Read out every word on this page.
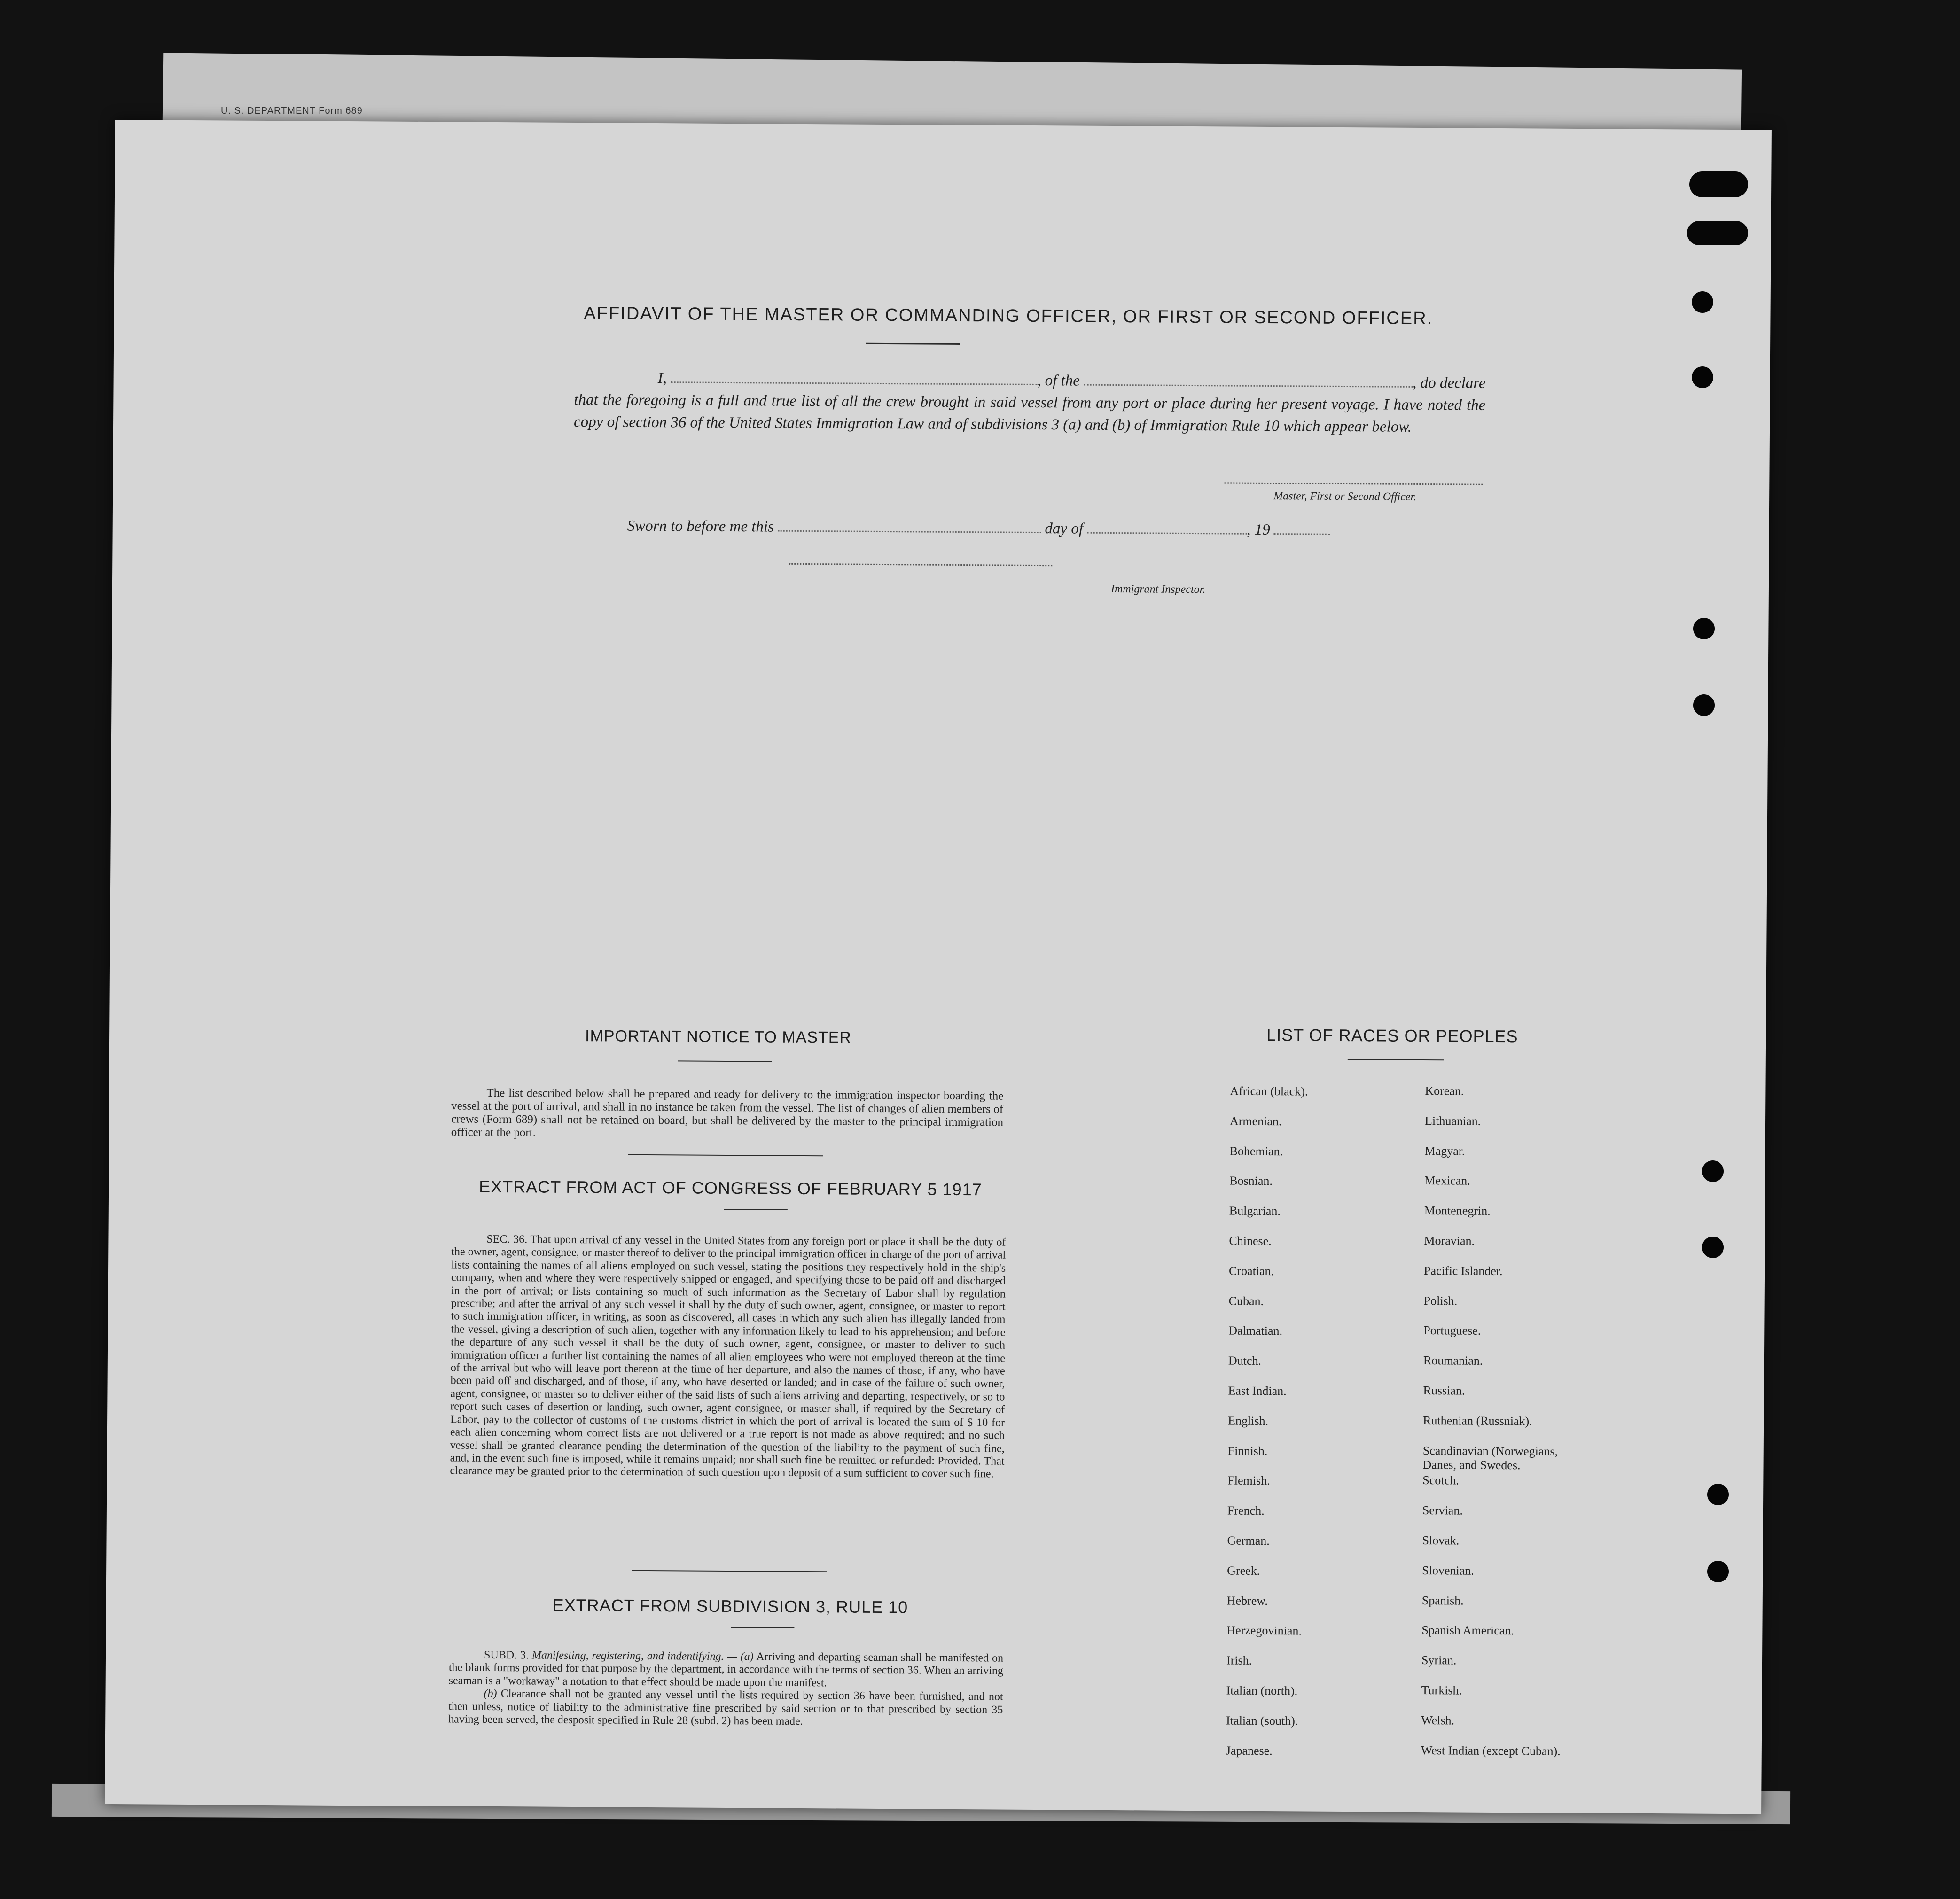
U. S. DEPARTMENT Form 689
AFFIDAVIT OF THE MASTER OR COMMANDING OFFICER, OR FIRST OR SECOND OFFICER.
I,	, of the	, do declare
that the foregoing is a full and true list of all the crew brought in said vessel from any port or place during her present voyage. I have noted the copy of section 36 of the United States Immigration Law and of subdivisions 3 (a) and (b) of Immigration Rule 10 which appear below.
Master, First or Second Officer.
Sworn to before me this	day of	, 19
Immigrant Inspector.
IMPORTANT NOTICE TO MASTER

The list described below shall be prepared and ready for delivery to the immigration inspector boarding the vessel at the port of arrival, and shall in no instance be taken from the vessel. The list of changes of alien members of crews (Form 689) shall not be retained on board, but shall be delivered by the master to the principal immigration officer at the port.

EXTRACT FROM ACT OF CONGRESS OF FEBRUARY 5 1917

SEC. 36. That upon arrival of any vessel in the United States from any foreign port or place it shall be the duty of the owner, agent, consignee, or master thereof to deliver to the principal immigration officer in charge of the port of arrival lists containing the names of all aliens employed on such vessel, stating the positions they respectively hold in the ship's company, when and where they were respectively shipped or engaged, and specifying those to be paid off and discharged in the port of arrival; or lists containing so much of such information as the Secretary of Labor shall by regulation prescribe; and after the arrival of any such vessel it shall by the duty of such owner, agent, consignee, or master to report to such immigration officer, in writing, as soon as discovered, all cases in which any such alien has illegally landed from the vessel, giving a description of such alien, together with any information likely to lead to his apprehension; and before the departure of any such vessel it shall be the duty of such owner, agent, consignee, or master to deliver to such immigration officer a further list containing the names of all alien employees who were not employed thereon at the time of the arrival but who will leave port thereon at the time of her departure, and also the names of those, if any, who have been paid off and discharged, and of those, if any, who have deserted or landed; and in case of the failure of such owner, agent, consignee, or master so to deliver either of the said lists of such aliens arriving and departing, respectively, or so to report such cases of desertion or landing, such owner, agent consignee, or master shall, if required by the Secretary of Labor, pay to the collector of customs of the customs district in which the port of arrival is located the sum of $ 10 for each alien concerning whom correct lists are not delivered or a true report is not made as above required; and no such vessel shall be granted clearance pending the determination of the question of the liability to the payment of such fine, and, in the event such fine is imposed, while it remains unpaid; nor shall such fine be remitted or refunded: Provided. That clearance may be granted prior to the determination of such question upon deposit of a sum sufficient to cover such fine.

EXTRACT FROM SUBDIVISION 3, RULE 10

SUBD. 3. Manifesting, registering, and indentifying. — (a) Arriving and departing seaman shall be manifested on the blank forms provided for that purpose by the department, in accordance with the terms of section 36. When an arriving seaman is a "workaway" a notation to that effect should be made upon the manifest.

(b) Clearance shall not be granted any vessel until the lists required by section 36 have been furnished, and not then unless, notice of liability to the administrative fine prescribed by said section or to that prescribed by section 35 having been served, the desposit specified in Rule 28 (subd. 2) has been made.

LIST OF RACES OR PEOPLES
African (black).
Armenian.
Bohemian.
Bosnian.
Bulgarian.
Chinese.
Croatian.
Cuban.
Dalmatian.
Dutch.
East Indian.
English.
Finnish.
Flemish.
French.
German.
Greek.
Hebrew.
Herzegovinian.
Irish.
Italian (north).
Italian (south).
Japanese.
Korean.
Lithuanian.
Magyar.
Mexican.
Montenegrin.
Moravian.
Pacific Islander.
Polish.
Portuguese.
Roumanian.
Russian.
Ruthenian (Russniak).
Scandinavian (Norwegians, Danes, and Swedes.
Scotch.
Servian.
Slovak.
Slovenian.
Spanish.
Spanish American.
Syrian.
Turkish.
Welsh.
West Indian (except Cuban).
